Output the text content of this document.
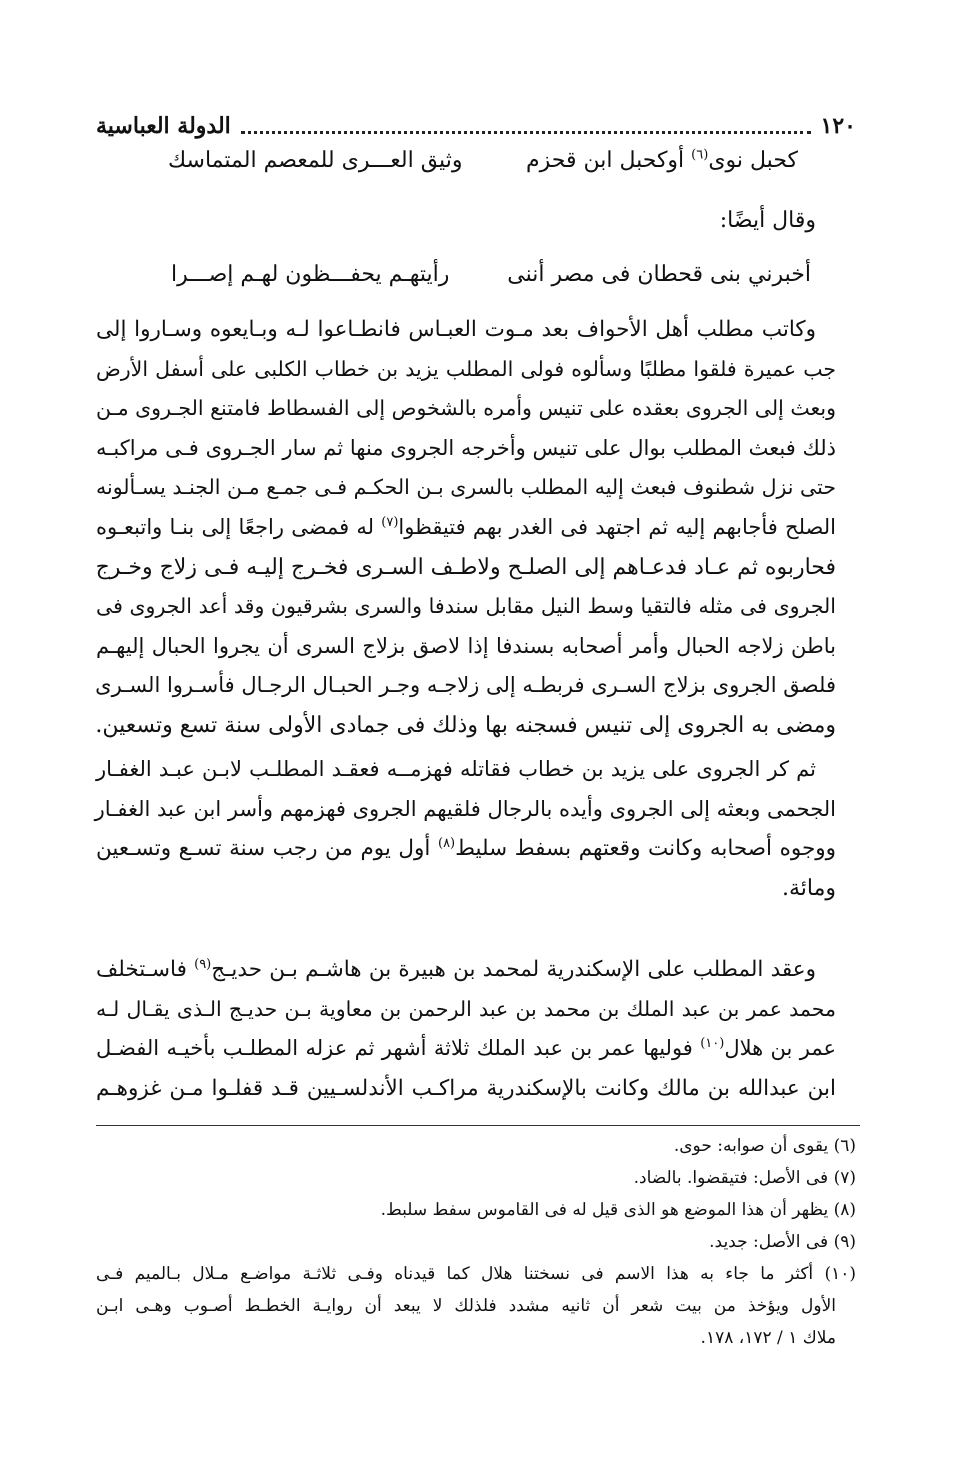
١٢٠
الدولة العباسية
كحبل نوى$^{(٦)}$ أوكحبل ابن قحزم
وثيق العـــرى للمعصم المتماسك
وقال أيضًا:
أخبرني بنى قحطان فى مصر أننى
رأيتهـم يحفـــظون لهـم إصـــرا
وكاتب مطلب أهل الأحواف بعد مـوت العبـاس فانطـاعوا لـه وبـايعوه وسـاروا إلى
جب عميرة فلقوا مطلبًا وسألوه فولى المطلب يزيد بن خطاب الكلبى على أسفل الأرض
وبعث إلى الجروى بعقده على تنيس وأمره بالشخوص إلى الفسطاط فامتنع الجـروى مـن
ذلك فبعث المطلب بوال على تنيس وأخرجه الجروى منها ثم سار الجـروى فـى مراكبـه
حتى نزل شطنوف فبعث إليه المطلب بالسرى بـن الحكـم فـى جمـع مـن الجنـد يسـألونه
الصلح فأجابهم إليه ثم اجتهد فى الغدر بهم فتيقظوا$^{(٧)}$ له فمضى راجعًا إلى بنـا واتبعـوه
فحاربوه ثم عـاد فدعـاهم إلى الصلـح ولاطـف السـرى فخـرج إليـه فـى زلاج وخـرج
الجروى فى مثله فالتقيا وسط النيل مقابل سندفا والسرى بشرقيون وقد أعد الجروى فى
باطن زلاجه الحبال وأمر أصحابه بسندفا إذا لاصق بزلاج السرى أن يجروا الحبال إليهـم
فلصق الجروى بزلاج السـرى فربطـه إلى زلاجـه وجـر الحبـال الرجـال فأسـروا السـرى
ومضى به الجروى إلى تنيس فسجنه بها وذلك فى جمادى الأولى سنة تسع وتسعين.
ثم كر الجروى على يزيد بن خطاب فقاتله فهزمــه فعقـد المطلـب لابـن عبـد الغفـار
الجحمى وبعثه إلى الجروى وأيده بالرجال فلقيهم الجروى فهزمهم وأسر ابن عبد الغفـار
ووجوه أصحابه وكانت وقعتهم بسفط سليط$^{(٨)}$ أول يوم من رجب سنة تسـع وتسـعين
ومائة.
وعقد المطلب على الإسكندرية لمحمد بن هبيرة بن هاشـم بـن حديـج$^{(٩)}$ فاسـتخلف
محمد عمر بن عبد الملك بن محمد بن عبد الرحمن بن معاوية بـن حديـج الـذى يقـال لـه
عمر بن هلال$^{(١٠)}$ فوليها عمر بن عبد الملك ثلاثة أشهر ثم عزله المطلـب بأخيـه الفضـل
ابن عبدالله بن مالك وكانت بالإسكندرية مراكـب الأندلسـيين قـد قفلـوا مـن غزوهـم
(٦) يقوى أن صوابه: حوى.
(٧) فى الأصل: فتيقضوا. بالضاد.
(٨) يظهر أن هذا الموضع هو الذى قيل له فى القاموس سفط سلبط.
(٩) فى الأصل: جديد.
(١٠) أكثر ما جاء به هذا الاسم فى نسختنا هلال كما قيدناه وفـى ثلاثـة مواضـع مـلال بـالميم فـى
الأول ويؤخذ من بيت شعر أن ثانيه مشدد فلذلك لا يبعد أن روايـة الخطـط أصـوب وهـى ابـن
ملاك ١ / ١٧٢، ١٧٨.
